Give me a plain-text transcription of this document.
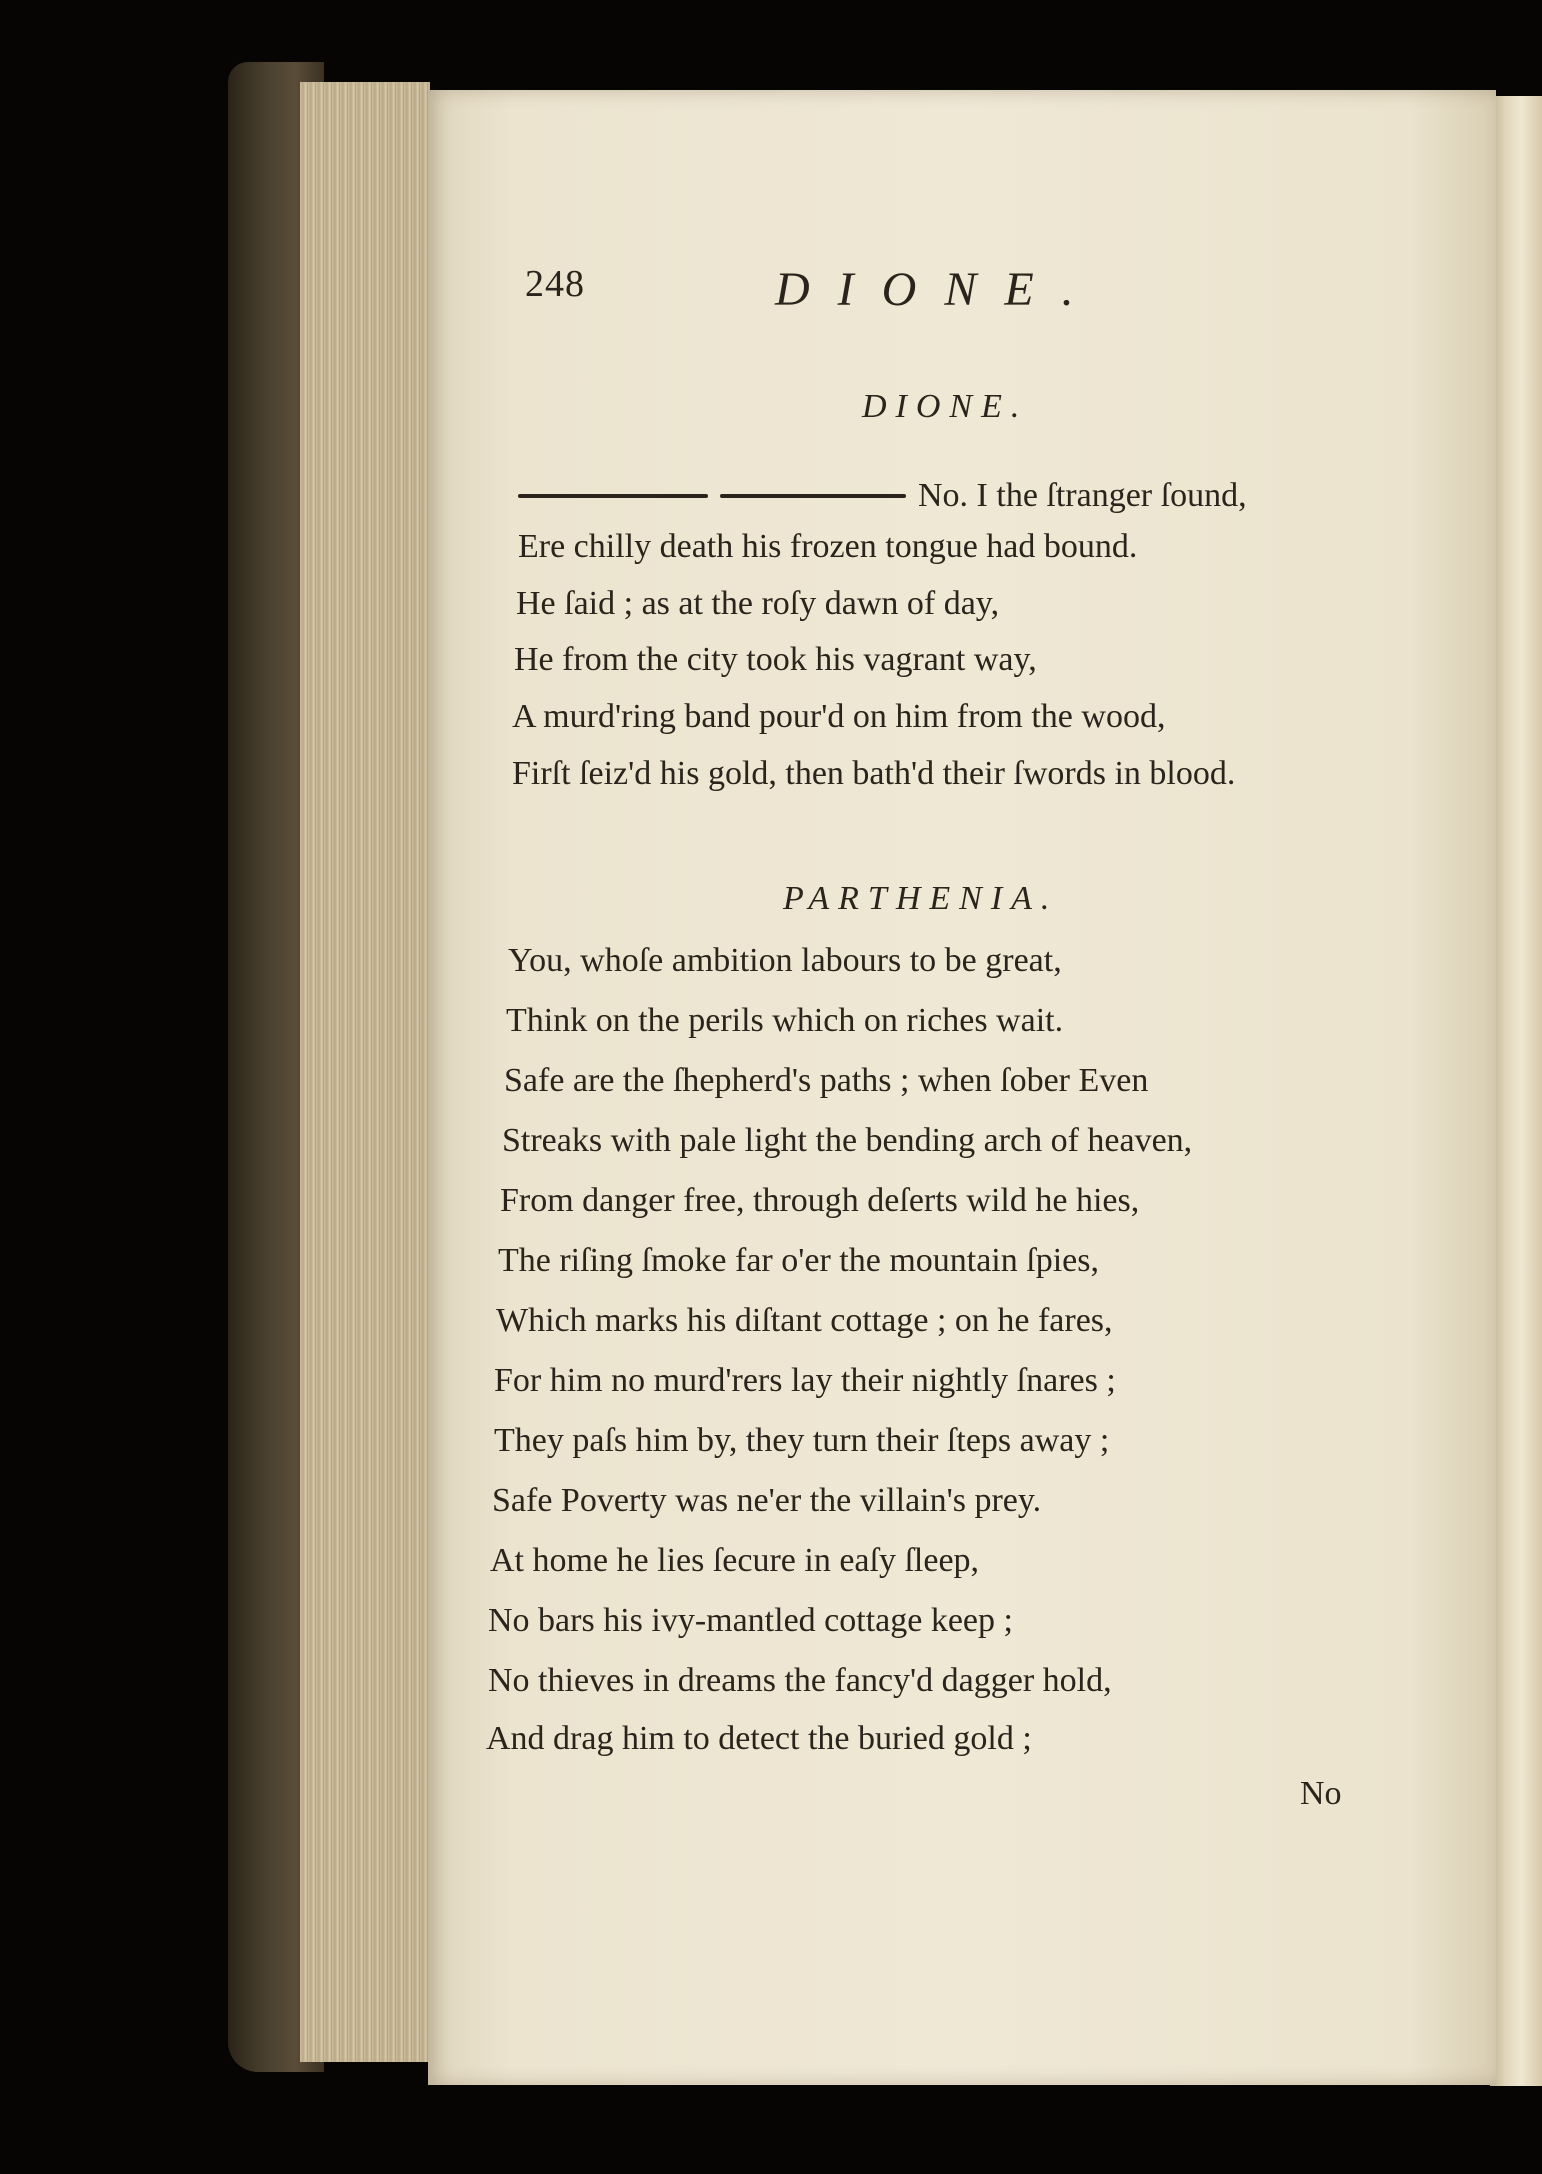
248	DIONE.
DIONE.
No. I the ſtranger ſound,
Ere chilly death his frozen tongue had bound.
He ſaid ; as at the roſy dawn of day,
He from the city took his vagrant way,
A murd'ring band pour'd on him from the wood,
Firſt ſeiz'd his gold, then bath'd their ſwords in blood.
PARTHENIA.
You, whoſe ambition labours to be great,
Think on the perils which on riches wait.
Safe are the ſhepherd's paths ; when ſober Even
Streaks with pale light the bending arch of heaven,
From danger free, through deſerts wild he hies,
The riſing ſmoke far o'er the mountain ſpies,
Which marks his diſtant cottage ; on he fares,
For him no murd'rers lay their nightly ſnares ;
They paſs him by, they turn their ſteps away ;
Safe Poverty was ne'er the villain's prey.
At home he lies ſecure in eaſy ſleep,
No bars his ivy-mantled cottage keep ;
No thieves in dreams the fancy'd dagger hold,
And drag him to detect the buried gold ;
No
